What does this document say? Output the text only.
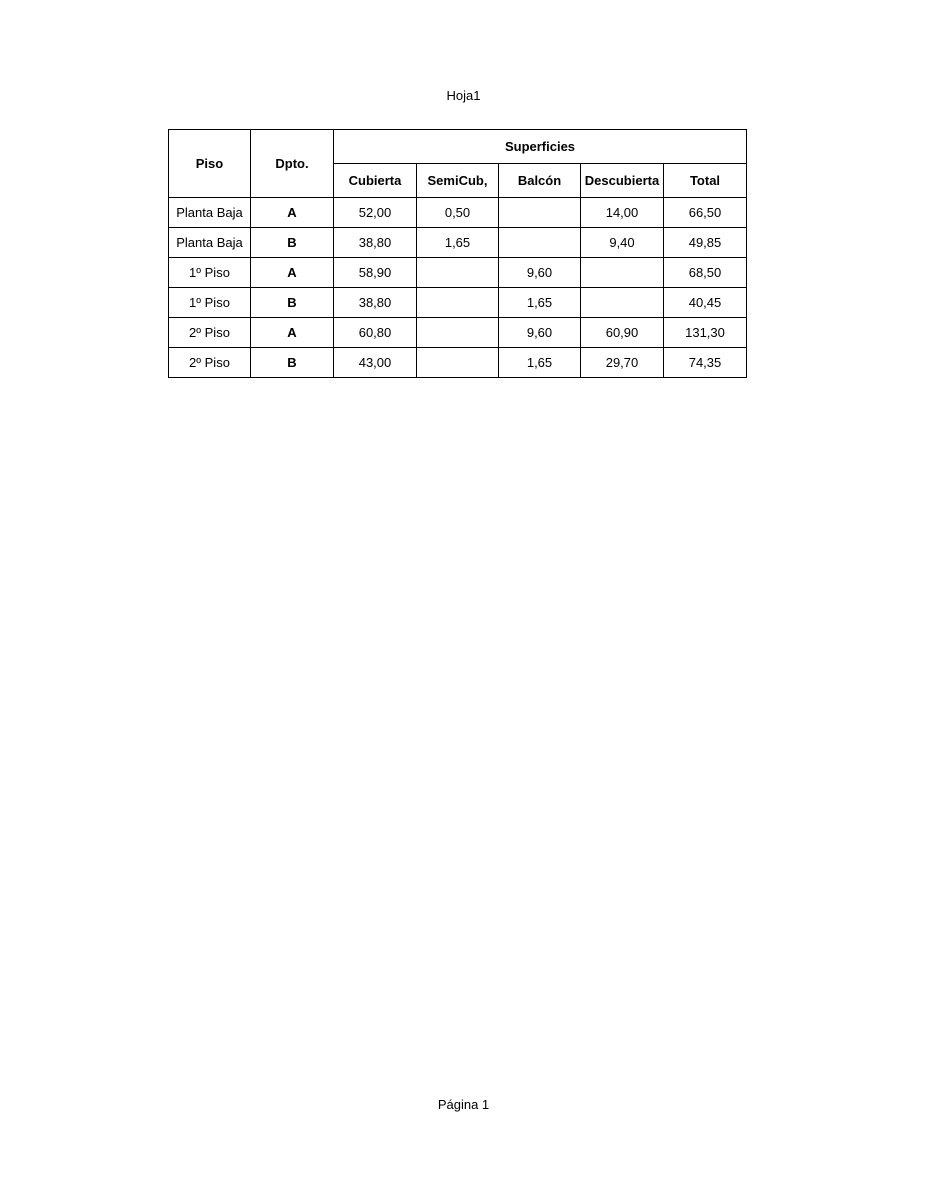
Hoja1
Piso	Dpto.	Superficies				
		Cubierta	SemiCub,	Balcón	Descubierta	Total
Planta Baja	A	52,00	0,50		14,00	66,50
Planta Baja	B	38,80	1,65		9,40	49,85
1º Piso	A	58,90		9,60		68,50
1º Piso	B	38,80		1,65		40,45
2º Piso	A	60,80		9,60	60,90	131,30
2º Piso	B	43,00		1,65	29,70	74,35
Página 1
